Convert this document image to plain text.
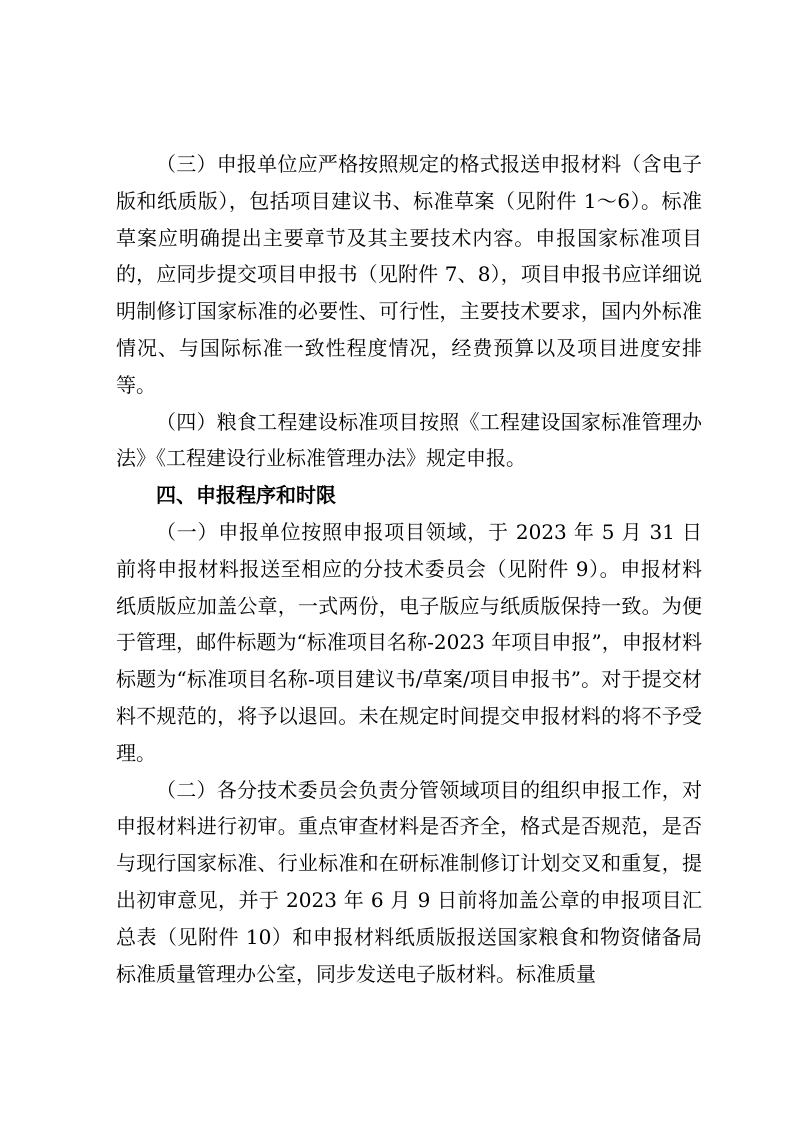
（三）申报单位应严格按照规定的格式报送申报材料（含电子版和纸质版），包括项目建议书、标准草案（见附件 1～6）。标准草案应明确提出主要章节及其主要技术内容。申报国家标准项目的，应同步提交项目申报书（见附件 7、8），项目申报书应详细说明制修订国家标准的必要性、可行性，主要技术要求，国内外标准情况、与国际标准一致性程度情况，经费预算以及项目进度安排等。

（四）粮食工程建设标准项目按照《工程建设国家标准管理办法》《工程建设行业标准管理办法》规定申报。

四、申报程序和时限

（一）申报单位按照申报项目领域，于 2023 年 5 月 31 日前将申报材料报送至相应的分技术委员会（见附件 9）。申报材料纸质版应加盖公章，一式两份，电子版应与纸质版保持一致。为便于管理，邮件标题为“标准项目名称-2023 年项目申报”，申报材料标题为“标准项目名称-项目建议书/草案/项目申报书”。对于提交材料不规范的，将予以退回。未在规定时间提交申报材料的将不予受理。

（二）各分技术委员会负责分管领域项目的组织申报工作，对申报材料进行初审。重点审查材料是否齐全，格式是否规范，是否与现行国家标准、行业标准和在研标准制修订计划交叉和重复，提出初审意见，并于 2023 年 6 月 9 日前将加盖公章的申报项目汇总表（见附件 10）和申报材料纸质版报送国家粮食和物资储备局标准质量管理办公室，同步发送电子版材料。标准质量
